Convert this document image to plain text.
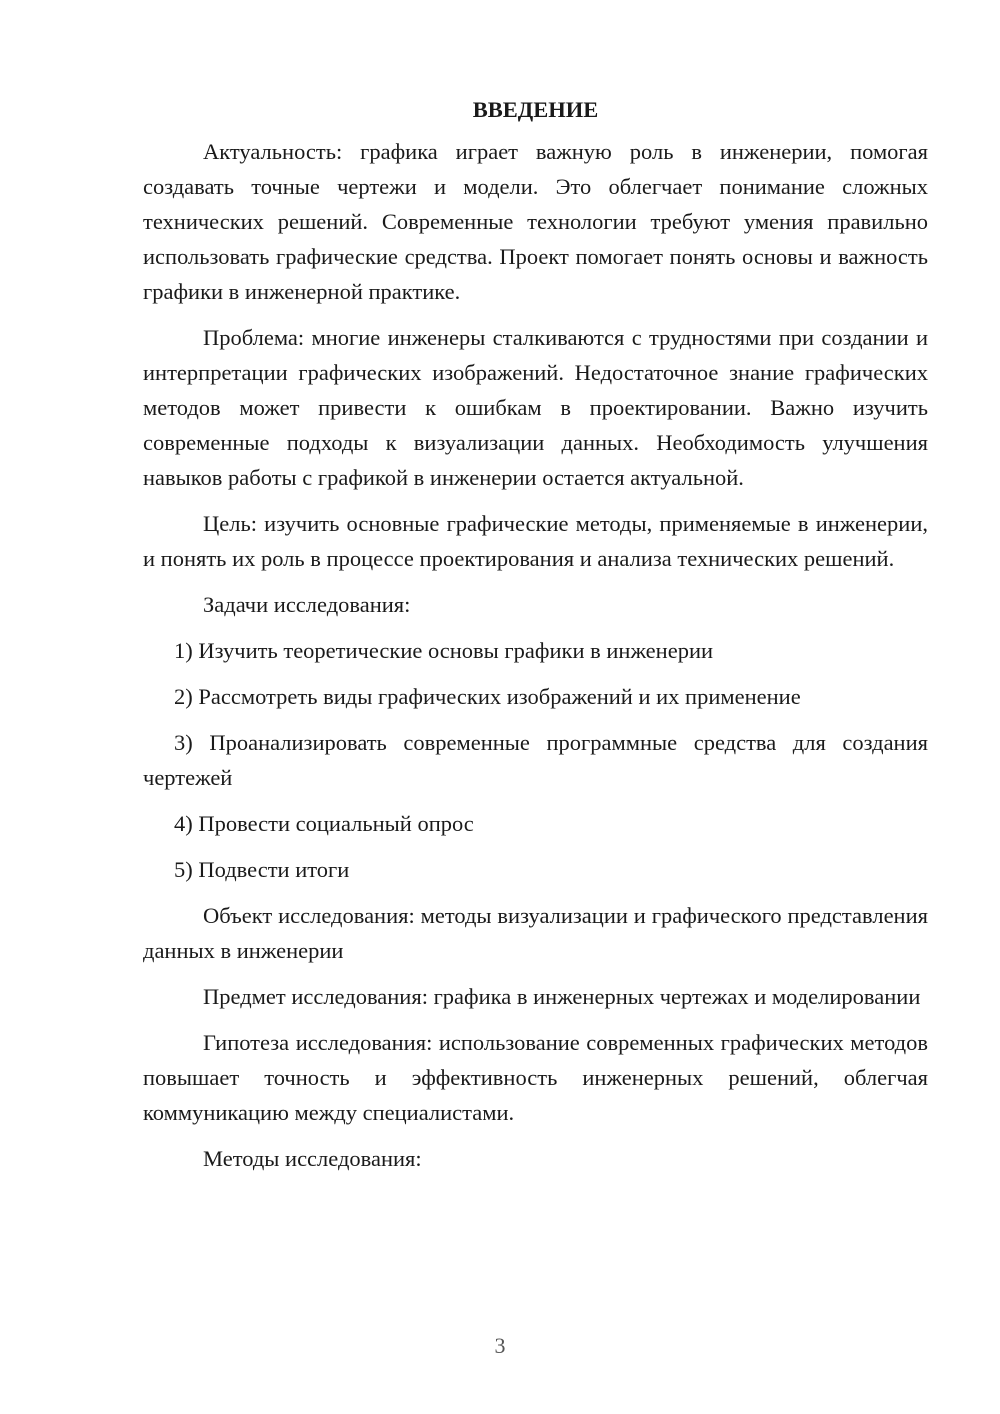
ВВЕДЕНИЕ

Актуальность: графика играет важную роль в инженерии, помогая создавать точные чертежи и модели. Это облегчает понимание сложных технических решений. Современные технологии требуют умения правильно использовать графические средства. Проект помогает понять основы и важность графики в инженерной практике.

Проблема: многие инженеры сталкиваются с трудностями при создании и интерпретации графических изображений. Недостаточное знание графических методов может привести к ошибкам в проектировании. Важно изучить современные подходы к визуализации данных. Необходимость улучшения навыков работы с графикой в инженерии остается актуальной.

Цель: изучить основные графические методы, применяемые в инженерии, и понять их роль в процессе проектирования и анализа технических решений.

Задачи исследования:

1) Изучить теоретические основы графики в инженерии

2) Рассмотреть виды графических изображений и их применение

3) Проанализировать современные программные средства для создания чертежей

4) Провести социальный опрос

5) Подвести итоги

Объект исследования: методы визуализации и графического представления данных в инженерии

Предмет исследования: графика в инженерных чертежах и моделировании

Гипотеза исследования: использование современных графических методов повышает точность и эффективность инженерных решений, облегчая коммуникацию между специалистами.

Методы исследования:

3
